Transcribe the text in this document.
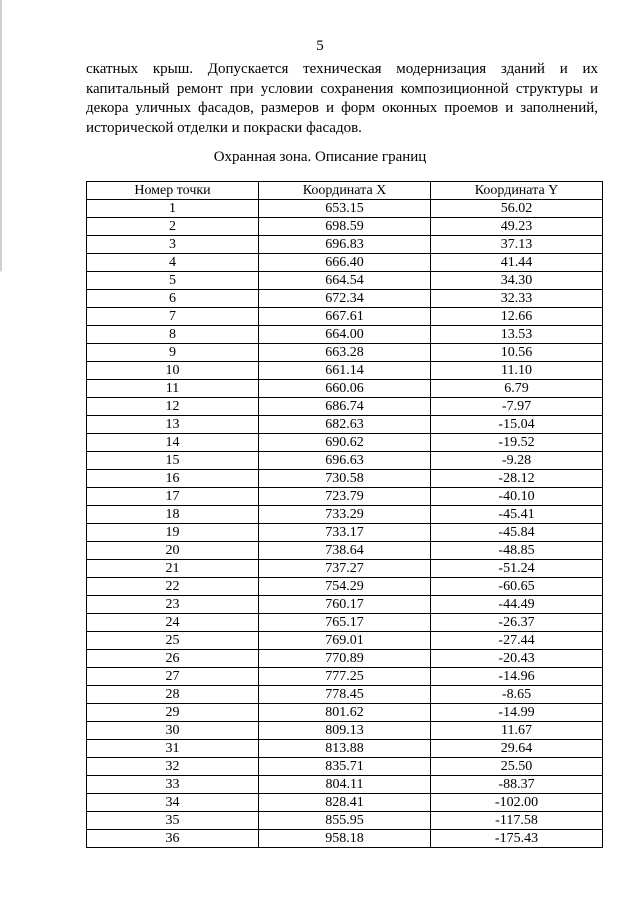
5
скатных крыш. Допускается техническая модернизация зданий и их капитальный ремонт при условии сохранения композиционной структуры и декора уличных фасадов, размеров и форм оконных проемов и заполнений, исторической отделки и покраски фасадов.
Охранная зона. Описание границ
Номер точки	Координата X	Координата Y
1	653.15	56.02
2	698.59	49.23
3	696.83	37.13
4	666.40	41.44
5	664.54	34.30
6	672.34	32.33
7	667.61	12.66
8	664.00	13.53
9	663.28	10.56
10	661.14	11.10
11	660.06	6.79
12	686.74	-7.97
13	682.63	-15.04
14	690.62	-19.52
15	696.63	-9.28
16	730.58	-28.12
17	723.79	-40.10
18	733.29	-45.41
19	733.17	-45.84
20	738.64	-48.85
21	737.27	-51.24
22	754.29	-60.65
23	760.17	-44.49
24	765.17	-26.37
25	769.01	-27.44
26	770.89	-20.43
27	777.25	-14.96
28	778.45	-8.65
29	801.62	-14.99
30	809.13	11.67
31	813.88	29.64
32	835.71	25.50
33	804.11	-88.37
34	828.41	-102.00
35	855.95	-117.58
36	958.18	-175.43
